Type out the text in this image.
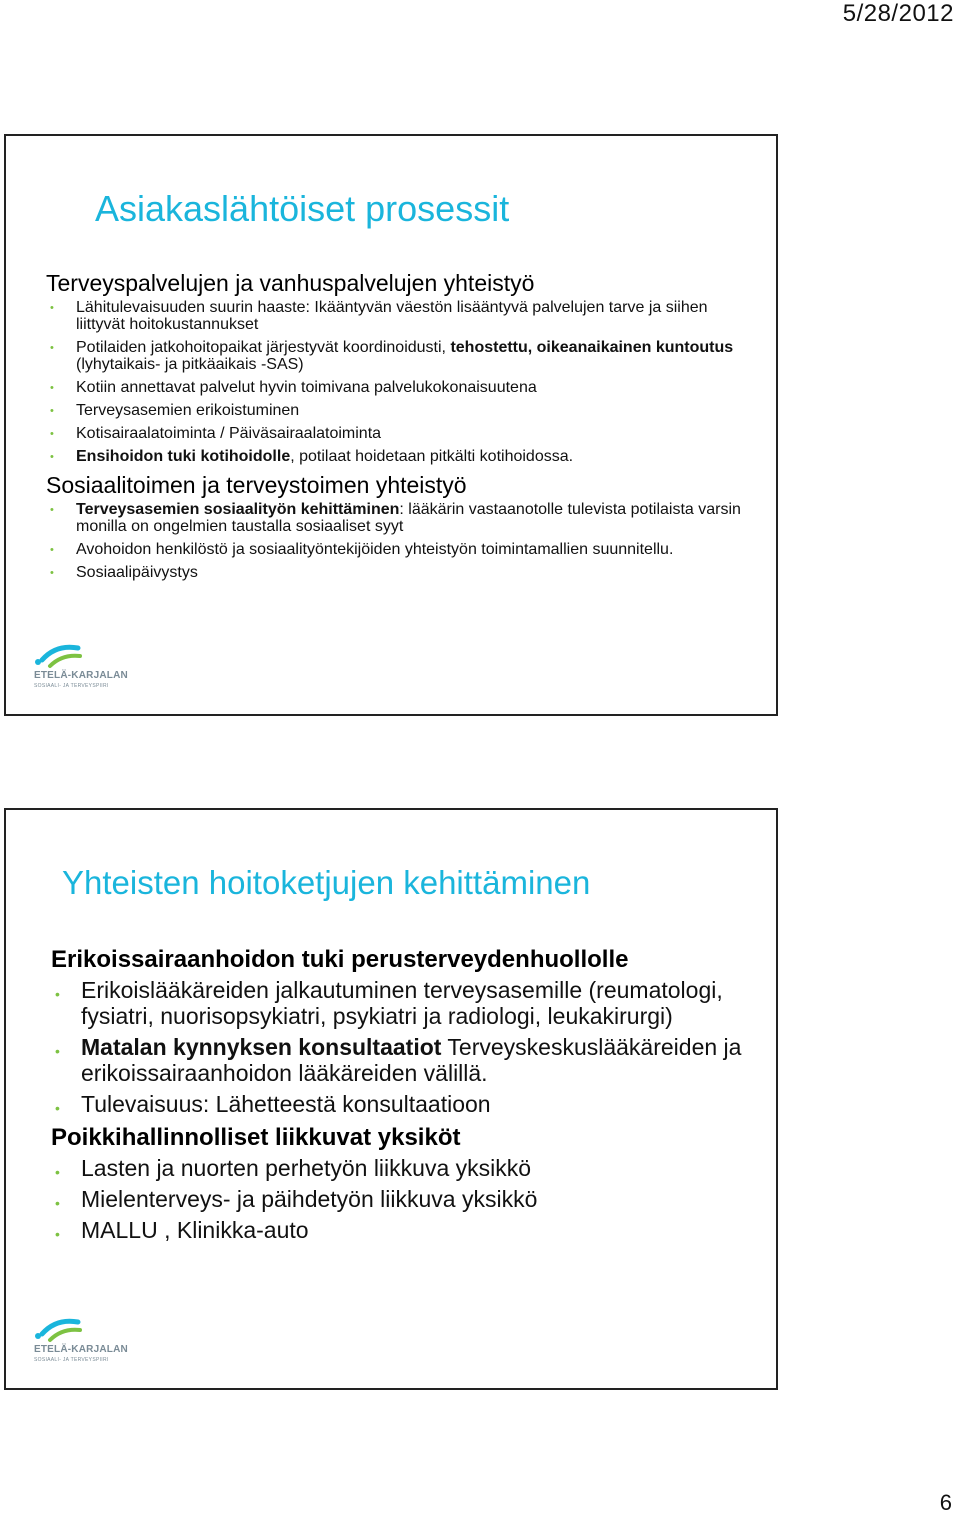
5/28/2012
Asiakaslähtöiset prosessit
Terveyspalvelujen ja vanhuspalvelujen yhteistyö
• Lähitulevaisuuden suurin haaste: Ikääntyvän väestön lisääntyvä palvelujen tarve ja siihen liittyvät hoitokustannukset
• Potilaiden jatkohoitopaikat järjestyvät koordinoidusti, tehostettu, oikeanaikainen kuntoutus (lyhytaikais- ja pitkäaikais -SAS)
• Kotiin annettavat palvelut hyvin toimivana palvelukokonaisuutena
• Terveysasemien erikoistuminen
• Kotisairaalatoiminta / Päiväsairaalatoiminta
• Ensihoidon tuki kotihoidolle, potilaat hoidetaan pitkälti kotihoidossa.
Sosiaalitoimen ja terveystoimen yhteistyö
• Terveysasemien sosiaalityön kehittäminen: lääkärin vastaanotolle tulevista potilaista varsin monilla on ongelmien taustalla sosiaaliset syyt
• Avohoidon henkilöstö ja sosiaalityöntekijöiden yhteistyön toimintamallien suunnitellu.
• Sosiaalipäivystys
ETELÄ-KARJALAN
SOSIAALI- JA TERVEYSPIIRI
Yhteisten hoitoketjujen kehittäminen
Erikoissairaanhoidon tuki perusterveydenhuollolle
• Erikoislääkäreiden jalkautuminen terveysasemille (reumatologi, fysiatri, nuorisopsykiatri, psykiatri ja radiologi, leukakirurgi)
• Matalan kynnyksen konsultaatiot Terveyskeskuslääkäreiden ja erikoissairaanhoidon lääkäreiden välillä.
• Tulevaisuus: Lähetteestä konsultaatioon
Poikkihallinnolliset liikkuvat yksiköt
• Lasten ja nuorten perhetyön liikkuva yksikkö
• Mielenterveys- ja päihdetyön liikkuva yksikkö
• MALLU , Klinikka-auto
ETELÄ-KARJALAN
SOSIAALI- JA TERVEYSPIIRI
6
